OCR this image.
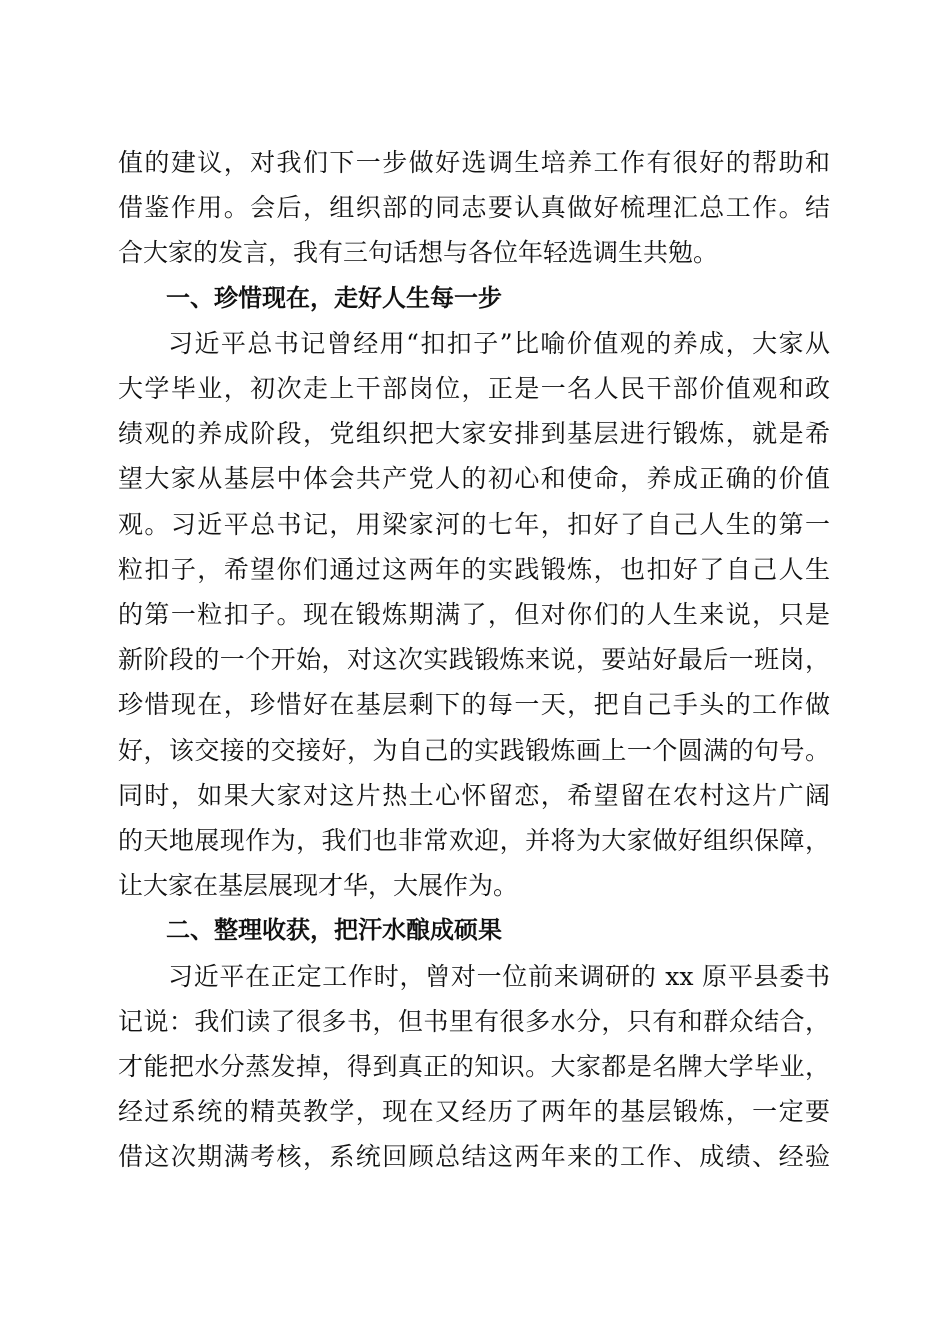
值的建议，对我们下一步做好选调生培养工作有很好的帮助和
借鉴作用。会后，组织部的同志要认真做好梳理汇总工作。结
合大家的发言，我有三句话想与各位年轻选调生共勉。

一、珍惜现在，走好人生每一步

习近平总书记曾经用“扣扣子”比喻价值观的养成，大家从
大学毕业，初次走上干部岗位，正是一名人民干部价值观和政
绩观的养成阶段，党组织把大家安排到基层进行锻炼，就是希
望大家从基层中体会共产党人的初心和使命，养成正确的价值
观。习近平总书记，用梁家河的七年，扣好了自己人生的第一
粒扣子，希望你们通过这两年的实践锻炼，也扣好了自己人生
的第一粒扣子。现在锻炼期满了，但对你们的人生来说，只是
新阶段的一个开始，对这次实践锻炼来说，要站好最后一班岗，
珍惜现在，珍惜好在基层剩下的每一天，把自己手头的工作做
好，该交接的交接好，为自己的实践锻炼画上一个圆满的句号。
同时，如果大家对这片热土心怀留恋，希望留在农村这片广阔
的天地展现作为，我们也非常欢迎，并将为大家做好组织保障，
让大家在基层展现才华，大展作为。

二、整理收获，把汗水酿成硕果

习近平在正定工作时，曾对一位前来调研的 xx 原平县委书
记说：我们读了很多书，但书里有很多水分，只有和群众结合，
才能把水分蒸发掉，得到真正的知识。大家都是名牌大学毕业，
经过系统的精英教学，现在又经历了两年的基层锻炼，一定要
借这次期满考核，系统回顾总结这两年来的工作、成绩、经验
